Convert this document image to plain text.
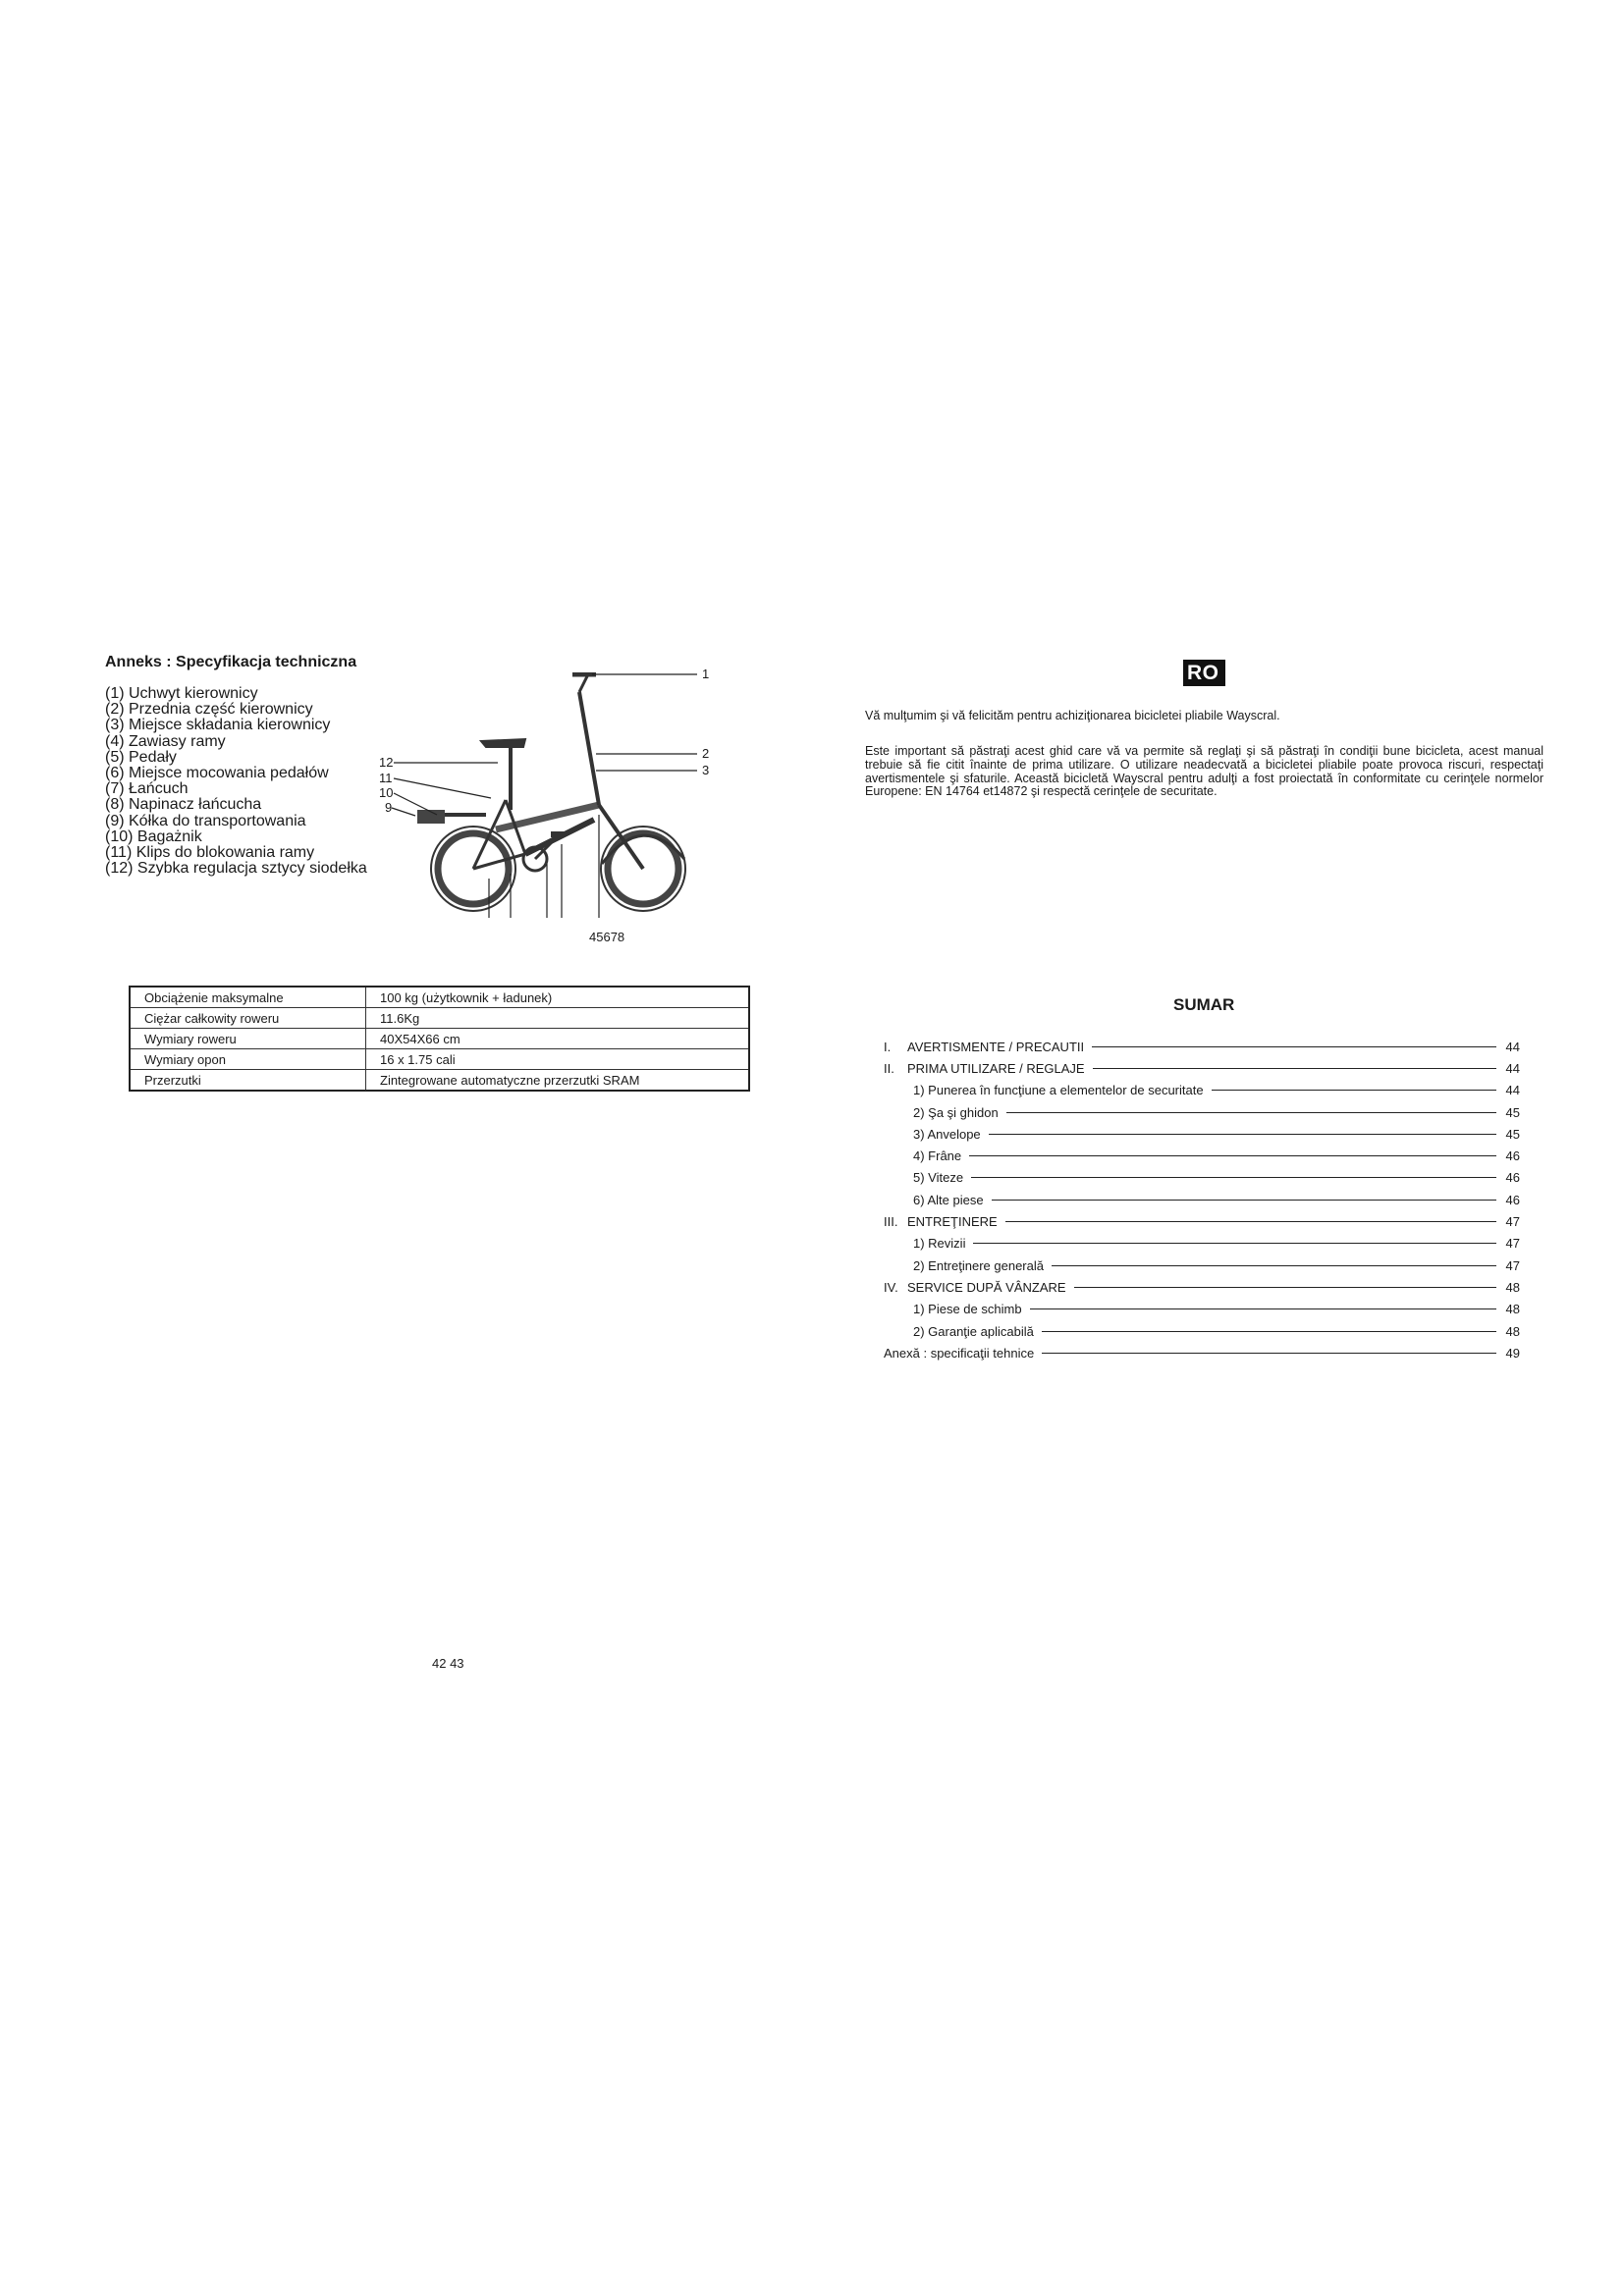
Anneks : Specyfikacja techniczna
(1) Uchwyt kierownicy
(2) Przednia część kierownicy
(3) Miejsce składania kierownicy
(4) Zawiasy ramy
(5) Pedały
(6) Miejsce mocowania pedałów
(7) Łańcuch
(8) Napinacz łańcucha
(9) Kółka do transportowania
(10) Bagażnik
(11) Klips do blokowania ramy
(12) Szybka regulacja sztycy siodełka
1
2
3
12
11
10
9
45678
Obciążenie maksymalne	100 kg (użytkownik + ładunek)
Ciężar całkowity roweru	11.6Kg
Wymiary roweru	40X54X66 cm
Wymiary opon	16 x 1.75 cali
Przerzutki	Zintegrowane automatyczne przerzutki SRAM
42 43
RO

Vă mulţumim şi vă felicităm pentru achiziţionarea bicicletei pliabile Wayscral.

Este important să păstraţi acest ghid care vă va permite să reglaţi şi să păstraţi în condiţii bune bicicleta, acest manual trebuie să fie citit înainte de prima utilizare. O utilizare neadecvată a bicicletei pliabile poate provoca riscuri, respectaţi avertismentele şi sfaturile. Această bicicletă Wayscral pentru adulţi a fost proiectată în conformitate cu cerinţele normelor Europene: EN 14764 et14872 şi respectă cerinţele de securitate.

SUMAR
I.	AVERTISMENTE / PRECAUTII	44
II.	PRIMA UTILIZARE / REGLAJE	44
1) Punerea în funcţiune a elementelor de securitate	44
2) Şa şi ghidon	45
3) Anvelope	45
4) Frâne	46
5) Viteze	46
6) Alte piese	46
III. ENTREŢINERE	47
1) Revizii	47
2) Entreţinere generală	47
IV. SERVICE DUPĂ VÂNZARE	48
1) Piese de schimb	48
2) Garanţie aplicabilă	48
Anexă : specificaţii tehnice	49
